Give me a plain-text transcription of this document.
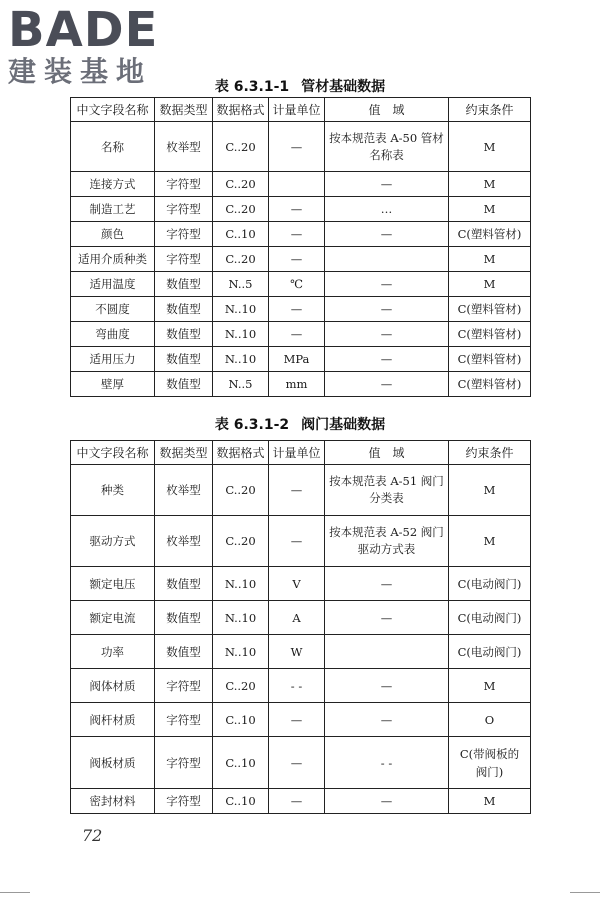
BADE
建装基地	表 6.3.1-1 管材基础数据
中文字段名称	数据类型	数据格式	计量单位	值　域	约束条件
名称	枚举型	C..20	—	按本规范表 A-50 管材名称表	M
连接方式	字符型	C..20		—	M
制造工艺	字符型	C..20	—	…	M
颜色	字符型	C..10	—	—	C(塑料管材)
适用介质种类	字符型	C..20	—		M
适用温度	数值型	N..5	℃	—	M
不圆度	数值型	N..10	—	—	C(塑料管材)
弯曲度	数值型	N..10	—	—	C(塑料管材)
适用压力	数值型	N..10	MPa	—	C(塑料管材)
壁厚	数值型	N..5	mm	—	C(塑料管材)
表 6.3.1-2 阀门基础数据
中文字段名称	数据类型	数据格式	计量单位	值　域	约束条件
种类	枚举型	C..20	—	按本规范表 A-51 阀门分类表	M
驱动方式	枚举型	C..20	—	按本规范表 A-52 阀门驱动方式表	M
额定电压	数值型	N..10	V	—	C(电动阀门)
额定电流	数值型	N..10	A	—	C(电动阀门)
功率	数值型	N..10	W		C(电动阀门)
阀体材质	字符型	C..20	- -	—	M
阀杆材质	字符型	C..10	—	—	O
阀板材质	字符型	C..10	—	- -	C(带阀板的阀门)
密封材料	字符型	C..10	—	—	M
72
